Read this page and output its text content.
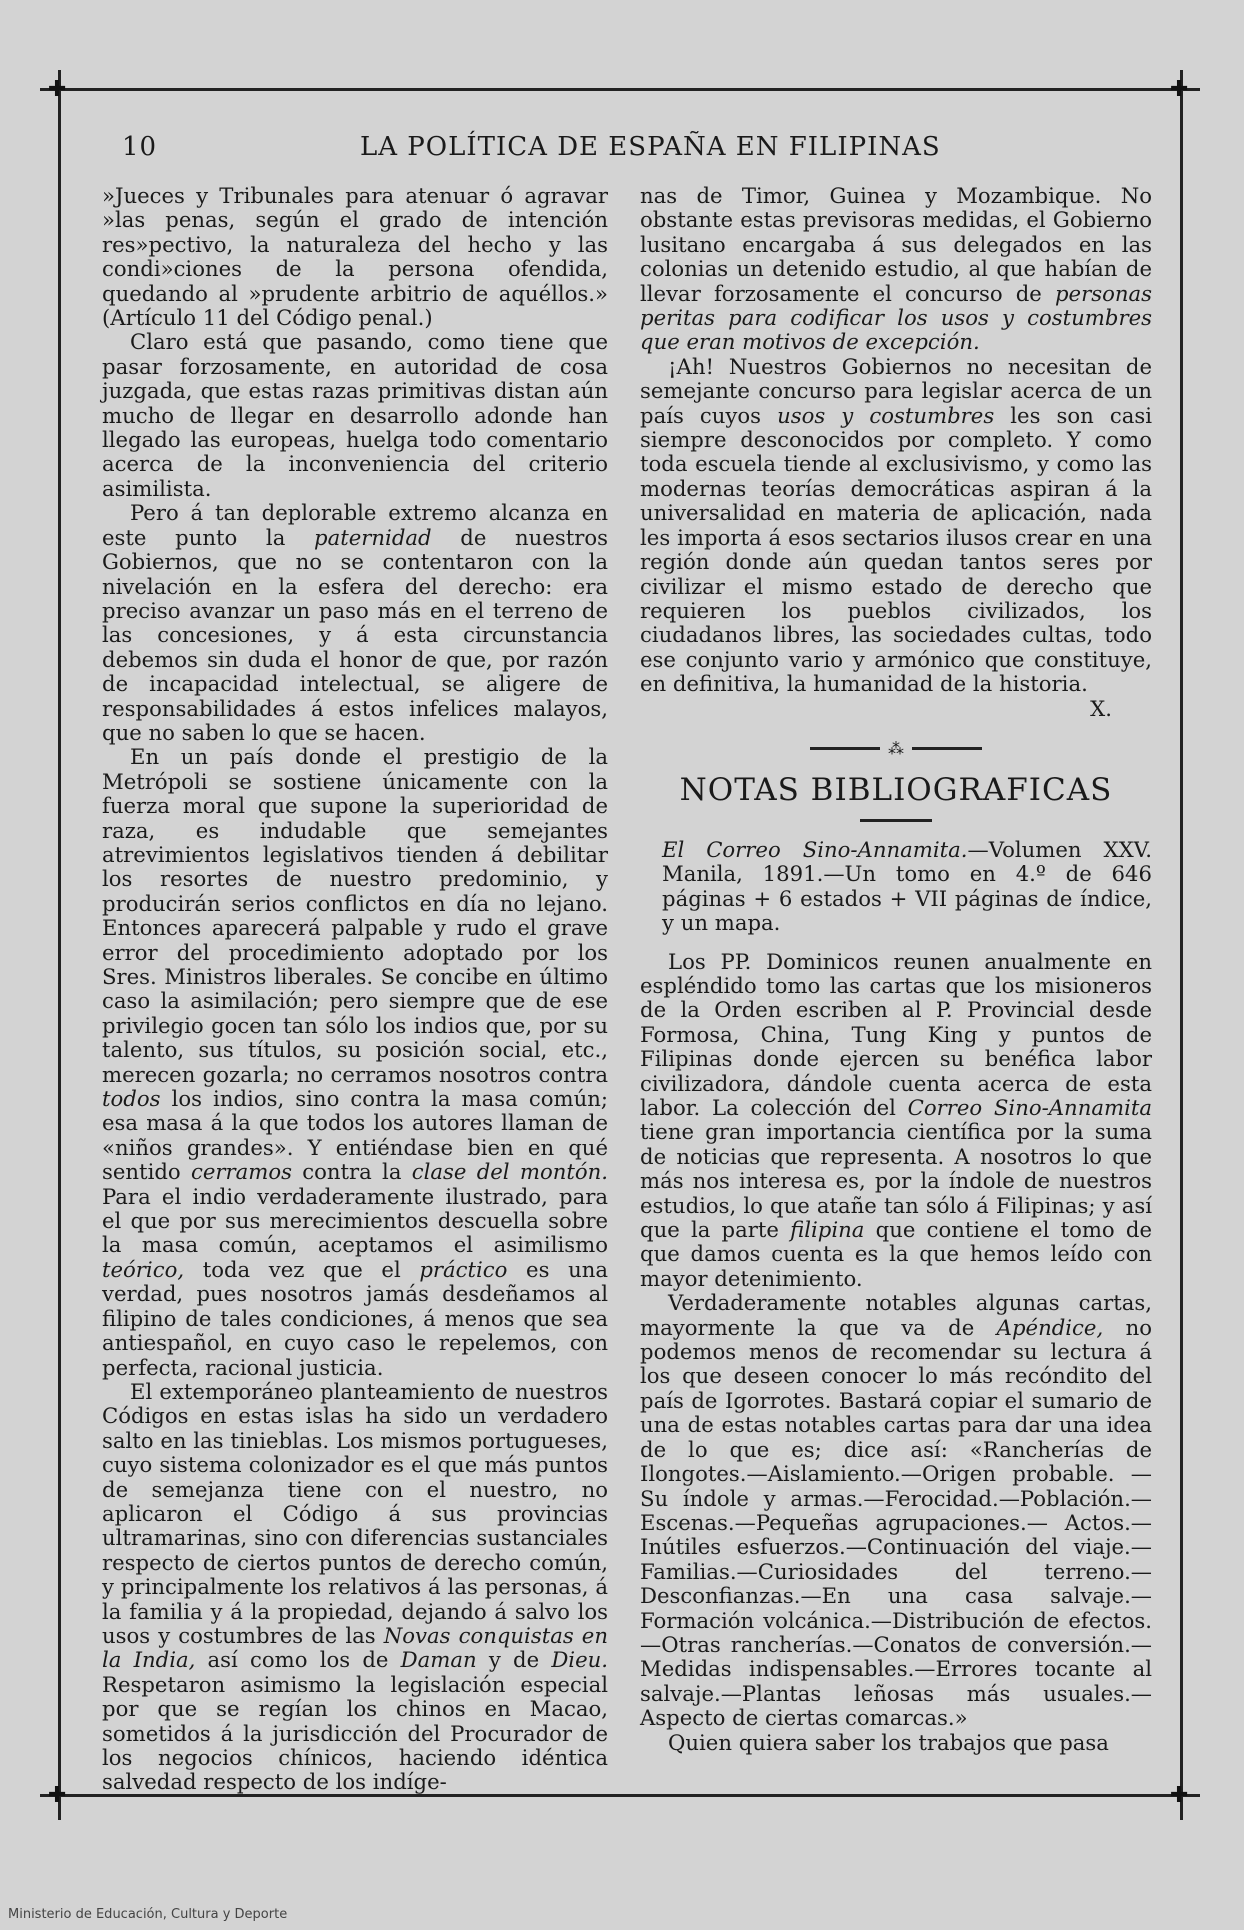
✚	✚
✚	✚
10	LA POLÍTICA DE ESPAÑA EN FILIPINAS

»Jueces y Tribunales para atenuar ó agravar »las penas, según el grado de intención res»pectivo, la naturaleza del hecho y las condi»ciones de la persona ofendida, quedando al »prudente arbitrio de aquéllos.» (Artículo 11 del Código penal.)

Claro está que pasando, como tiene que pasar forzosamente, en autoridad de cosa juzgada, que estas razas primitivas distan aún mucho de llegar en desarrollo adonde han llegado las europeas, huelga todo comentario acerca de la inconveniencia del criterio asimilista.

Pero á tan deplorable extremo alcanza en este punto la paternidad de nuestros Gobiernos, que no se contentaron con la nivelación en la esfera del derecho: era preciso avanzar un paso más en el terreno de las concesiones, y á esta circunstancia debemos sin duda el honor de que, por razón de incapacidad intelectual, se aligere de responsabilidades á estos infelices malayos, que no saben lo que se hacen.

En un país donde el prestigio de la Metrópoli se sostiene únicamente con la fuerza moral que supone la superioridad de raza, es indudable que semejantes atrevimientos legislativos tienden á debilitar los resortes de nuestro predominio, y producirán serios conflictos en día no lejano. Entonces aparecerá palpable y rudo el grave error del procedimiento adoptado por los Sres. Ministros liberales. Se concibe en último caso la asimilación; pero siempre que de ese privilegio gocen tan sólo los indios que, por su talento, sus títulos, su posición social, etc., merecen gozarla; no cerramos nosotros contra todos los indios, sino contra la masa común; esa masa á la que todos los autores llaman de «niños grandes». Y entiéndase bien en qué sentido cerramos contra la clase del montón. Para el indio verdaderamente ilustrado, para el que por sus merecimientos descuella sobre la masa común, aceptamos el asimilismo teórico, toda vez que el práctico es una verdad, pues nosotros jamás desdeñamos al filipino de tales condiciones, á menos que sea antiespañol, en cuyo caso le repelemos, con perfecta, racional justicia.

El extemporáneo planteamiento de nuestros Códigos en estas islas ha sido un verdadero salto en las tinieblas. Los mismos portugueses, cuyo sistema colonizador es el que más puntos de semejanza tiene con el nuestro, no aplicaron el Código á sus provincias ultramarinas, sino con diferencias sustanciales respecto de ciertos puntos de derecho común, y principalmente los relativos á las personas, á la familia y á la propiedad, dejando á salvo los usos y costumbres de las Novas conquistas en la India, así como los de Daman y de Dieu. Respetaron asimismo la legislación especial por que se regían los chinos en Macao, sometidos á la jurisdicción del Procurador de los negocios chínicos, haciendo idéntica salvedad respecto de los indíge-

nas de Timor, Guinea y Mozambique. No obstante estas previsoras medidas, el Gobierno lusitano encargaba á sus delegados en las colonias un detenido estudio, al que habían de llevar forzosamente el concurso de personas peritas para codificar los usos y costumbres que eran motivos de excepción.

¡Ah! Nuestros Gobiernos no necesitan de semejante concurso para legislar acerca de un país cuyos usos y costumbres les son casi siempre desconocidos por completo. Y como toda escuela tiende al exclusivismo, y como las modernas teorías democráticas aspiran á la universalidad en materia de aplicación, nada les importa á esos sectarios ilusos crear en una región donde aún quedan tantos seres por civilizar el mismo estado de derecho que requieren los pueblos civilizados, los ciudadanos libres, las sociedades cultas, todo ese conjunto vario y armónico que constituye, en definitiva, la humanidad de la historia.

X.

⁂
NOTAS BIBLIOGRAFICAS

El Correo Sino-Annamita.—Volumen XXV. Manila, 1891.—Un tomo en 4.º de 646 páginas + 6 estados + VII páginas de índice, y un mapa.

Los PP. Dominicos reunen anualmente en espléndido tomo las cartas que los misioneros de la Orden escriben al P. Provincial desde Formosa, China, Tung King y puntos de Filipinas donde ejercen su benéfica labor civilizadora, dándole cuenta acerca de esta labor. La colección del Correo Sino-Annamita tiene gran importancia científica por la suma de noticias que representa. A nosotros lo que más nos interesa es, por la índole de nuestros estudios, lo que atañe tan sólo á Filipinas; y así que la parte filipina que contiene el tomo de que damos cuenta es la que hemos leído con mayor detenimiento.

Verdaderamente notables algunas cartas, mayormente la que va de Apéndice, no podemos menos de recomendar su lectura á los que deseen conocer lo más recóndito del país de Igorrotes. Bastará copiar el sumario de una de estas notables cartas para dar una idea de lo que es; dice así: «Rancherías de Ilongotes.—Aislamiento.—Origen probable. —Su índole y armas.—Ferocidad.—Población.—Escenas.—Pequeñas agrupaciones.— Actos.—Inútiles esfuerzos.—Continuación del viaje.—Familias.—Curiosidades del terreno.—Desconfianzas.—En una casa salvaje.—Formación volcánica.—Distribución de efectos.—Otras rancherías.—Conatos de conversión.—Medidas indispensables.—Errores tocante al salvaje.—Plantas leñosas más usuales.—Aspecto de ciertas comarcas.»

Quien quiera saber los trabajos que pasa

Ministerio de Educación, Cultura y Deporte
